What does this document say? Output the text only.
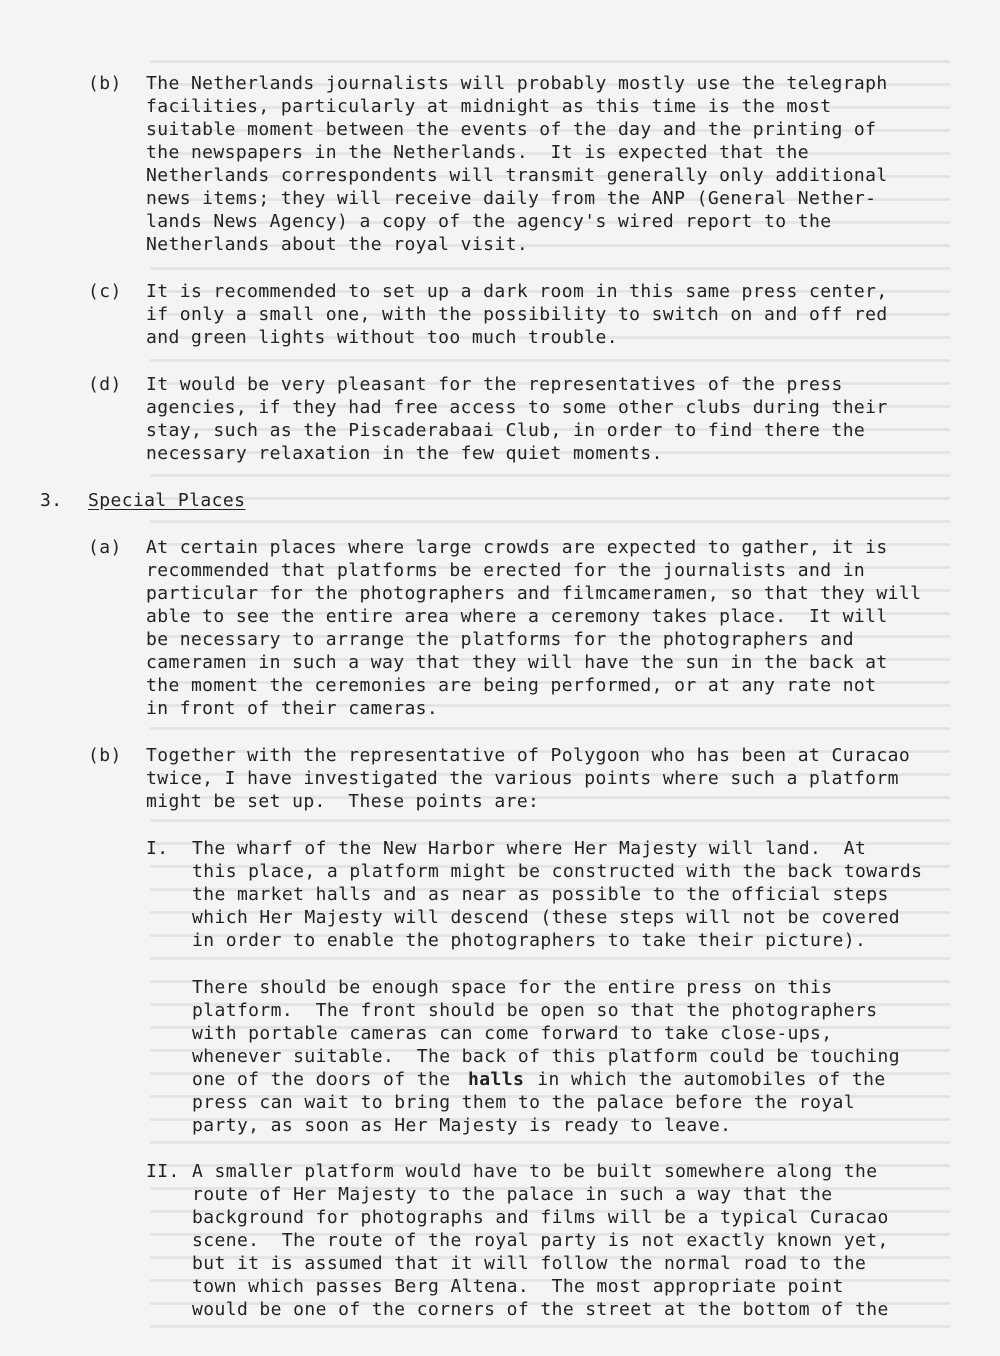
(b) The Netherlands journalists will probably mostly use the telegraph
facilities, particularly at midnight as this time is the most
suitable moment between the events of the day and the printing of
the newspapers in the Netherlands.  It is expected that the
Netherlands correspondents will transmit generally only additional
news items; they will receive daily from the ANP (General Nether-
lands News Agency) a copy of the agency's wired report to the
Netherlands about the royal visit.
(c) It is recommended to set up a dark room in this same press center,
if only a small one, with the possibility to switch on and off red
and green lights without too much trouble.
(d) It would be very pleasant for the representatives of the press
agencies, if they had free access to some other clubs during their
stay, such as the Piscaderabaai Club, in order to find there the
necessary relaxation in the few quiet moments.
3. Special Places
(a) At certain places where large crowds are expected to gather, it is
recommended that platforms be erected for the journalists and in
particular for the photographers and filmcameramen, so that they will
able to see the entire area where a ceremony takes place.  It will
be necessary to arrange the platforms for the photographers and
cameramen in such a way that they will have the sun in the back at
the moment the ceremonies are being performed, or at any rate not
in front of their cameras.
(b) Together with the representative of Polygoon who has been at Curacao
twice, I have investigated the various points where such a platform
might be set up.  These points are:
I. The wharf of the New Harbor where Her Majesty will land.  At
this place, a platform might be constructed with the back towards
the market halls and as near as possible to the official steps
which Her Majesty will descend (these steps will not be covered
in order to enable the photographers to take their picture).
There should be enough space for the entire press on this
platform.  The front should be open so that the photographers
with portable cameras can come forward to take close-ups,
whenever suitable.  The back of this platform could be touching
one of the doors of the halls in which the automobiles of the
press can wait to bring them to the palace before the royal
party, as soon as Her Majesty is ready to leave.
II. A smaller platform would have to be built somewhere along the
route of Her Majesty to the palace in such a way that the
background for photographs and films will be a typical Curacao
scene.  The route of the royal party is not exactly known yet,
but it is assumed that it will follow the normal road to the
town which passes Berg Altena.  The most appropriate point
would be one of the corners of the street at the bottom of the
